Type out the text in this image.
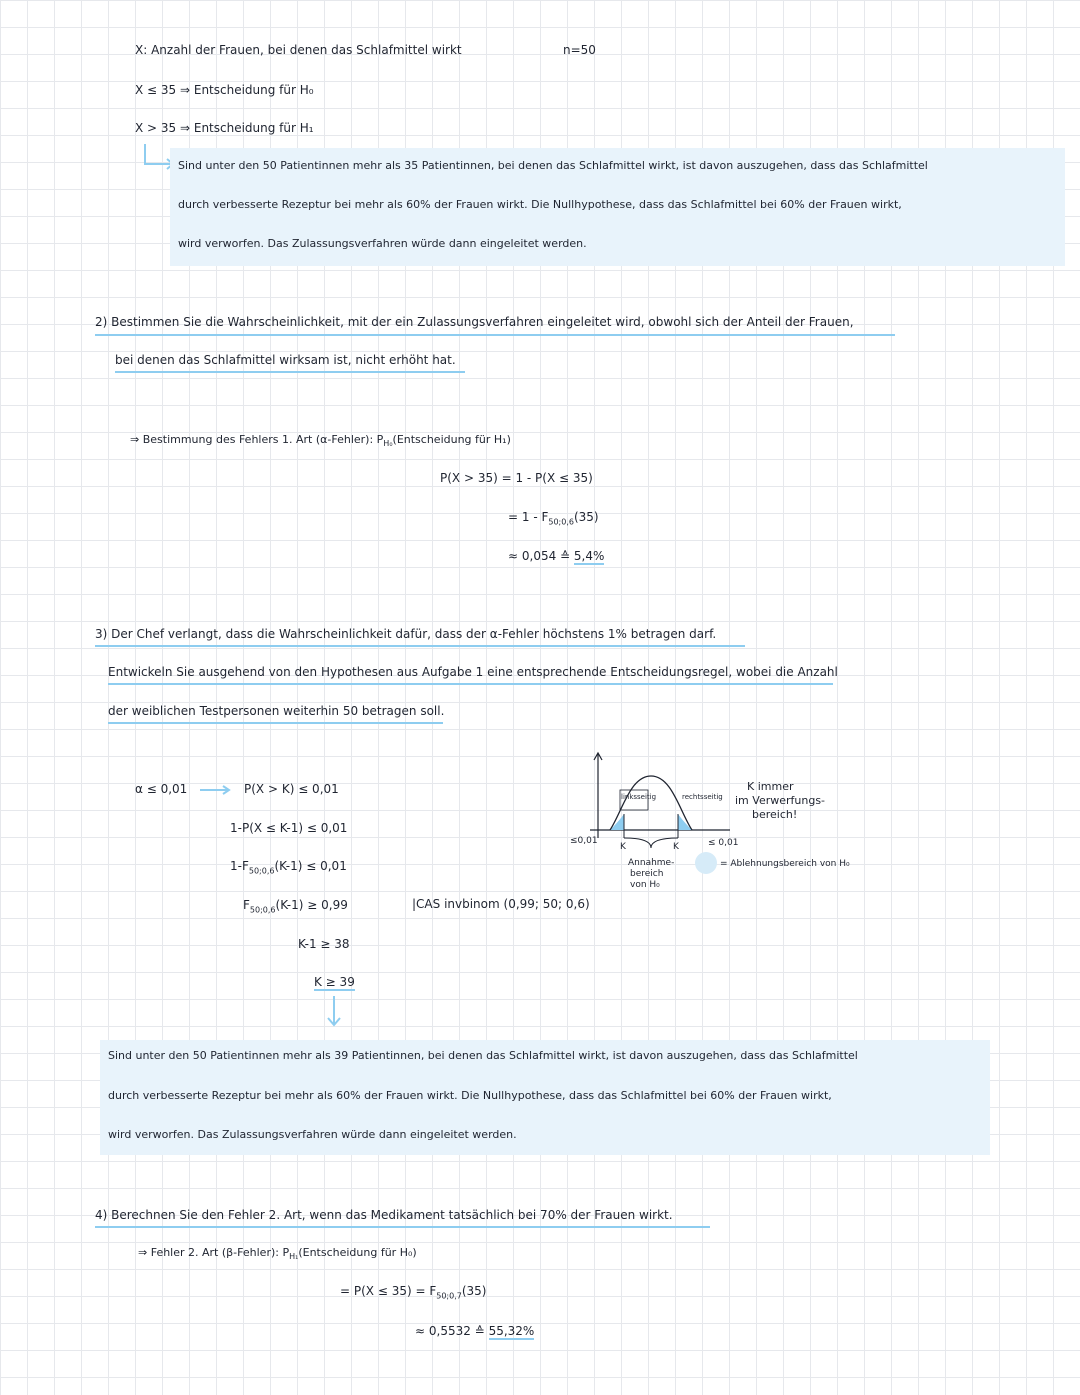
X: Anzahl der Frauen, bei denen das Schlafmittel wirkt	n=50
X ≤ 35 ⇒ Entscheidung für H₀
X > 35 ⇒ Entscheidung für H₁
Sind unter den 50 Patientinnen mehr als 35 Patientinnen, bei denen das Schlafmittel wirkt, ist davon auszugehen, dass das Schlafmittel
durch verbesserte Rezeptur bei mehr als 60% der Frauen wirkt. Die Nullhypothese, dass das Schlafmittel bei 60% der Frauen wirkt,
wird verworfen. Das Zulassungsverfahren würde dann eingeleitet werden.
2) Bestimmen Sie die Wahrscheinlichkeit, mit der ein Zulassungsverfahren eingeleitet wird, obwohl sich der Anteil der Frauen,
bei denen das Schlafmittel wirksam ist, nicht erhöht hat.
⇒ Bestimmung des Fehlers 1. Art (α-Fehler): $P_{H_0}(Entscheidung$ für H₁)
P(X > 35) = 1 - P(X ≤ 35)
= $1 - F_{50;0,6}(35)$
≈ 0,054 ≙ 5,4%
3) Der Chef verlangt, dass die Wahrscheinlichkeit dafür, dass der α-Fehler höchstens 1% betragen darf.
Entwickeln Sie ausgehend von den Hypothesen aus Aufgabe 1 eine entsprechende Entscheidungsregel, wobei die Anzahl
der weiblichen Testpersonen weiterhin 50 betragen soll.
α ≤ 0,01	P(X > K) ≤ 0,01
1-P(X ≤ K-1) ≤ 0,01
$1-F_{50;0,6}(K-1) \le 0,01$
$F_{50;0,6}(K-1) \ge 0,99$
K-1 ≥ 38
K ≥ 39
|CAS invbinom (0,99; 50; 0,6)
linksseitig	rechtsseitig
≤0,01	≤ 0,01
K	K
Annahme-
bereich
von H₀
K immer
im Verwerfungs-
bereich!
= Ablehnungsbereich von H₀
Sind unter den 50 Patientinnen mehr als 39 Patientinnen, bei denen das Schlafmittel wirkt, ist davon auszugehen, dass das Schlafmittel
durch verbesserte Rezeptur bei mehr als 60% der Frauen wirkt. Die Nullhypothese, dass das Schlafmittel bei 60% der Frauen wirkt,
wird verworfen. Das Zulassungsverfahren würde dann eingeleitet werden.
4) Berechnen Sie den Fehler 2. Art, wenn das Medikament tatsächlich bei 70% der Frauen wirkt.
⇒ Fehler 2. Art (β-Fehler): $P_{H_1}(Entscheidung$ für H₀)
= $P(X \le 35) = F_{50;0,7}(35)$
≈ 0,5532 ≙ 55,32%
